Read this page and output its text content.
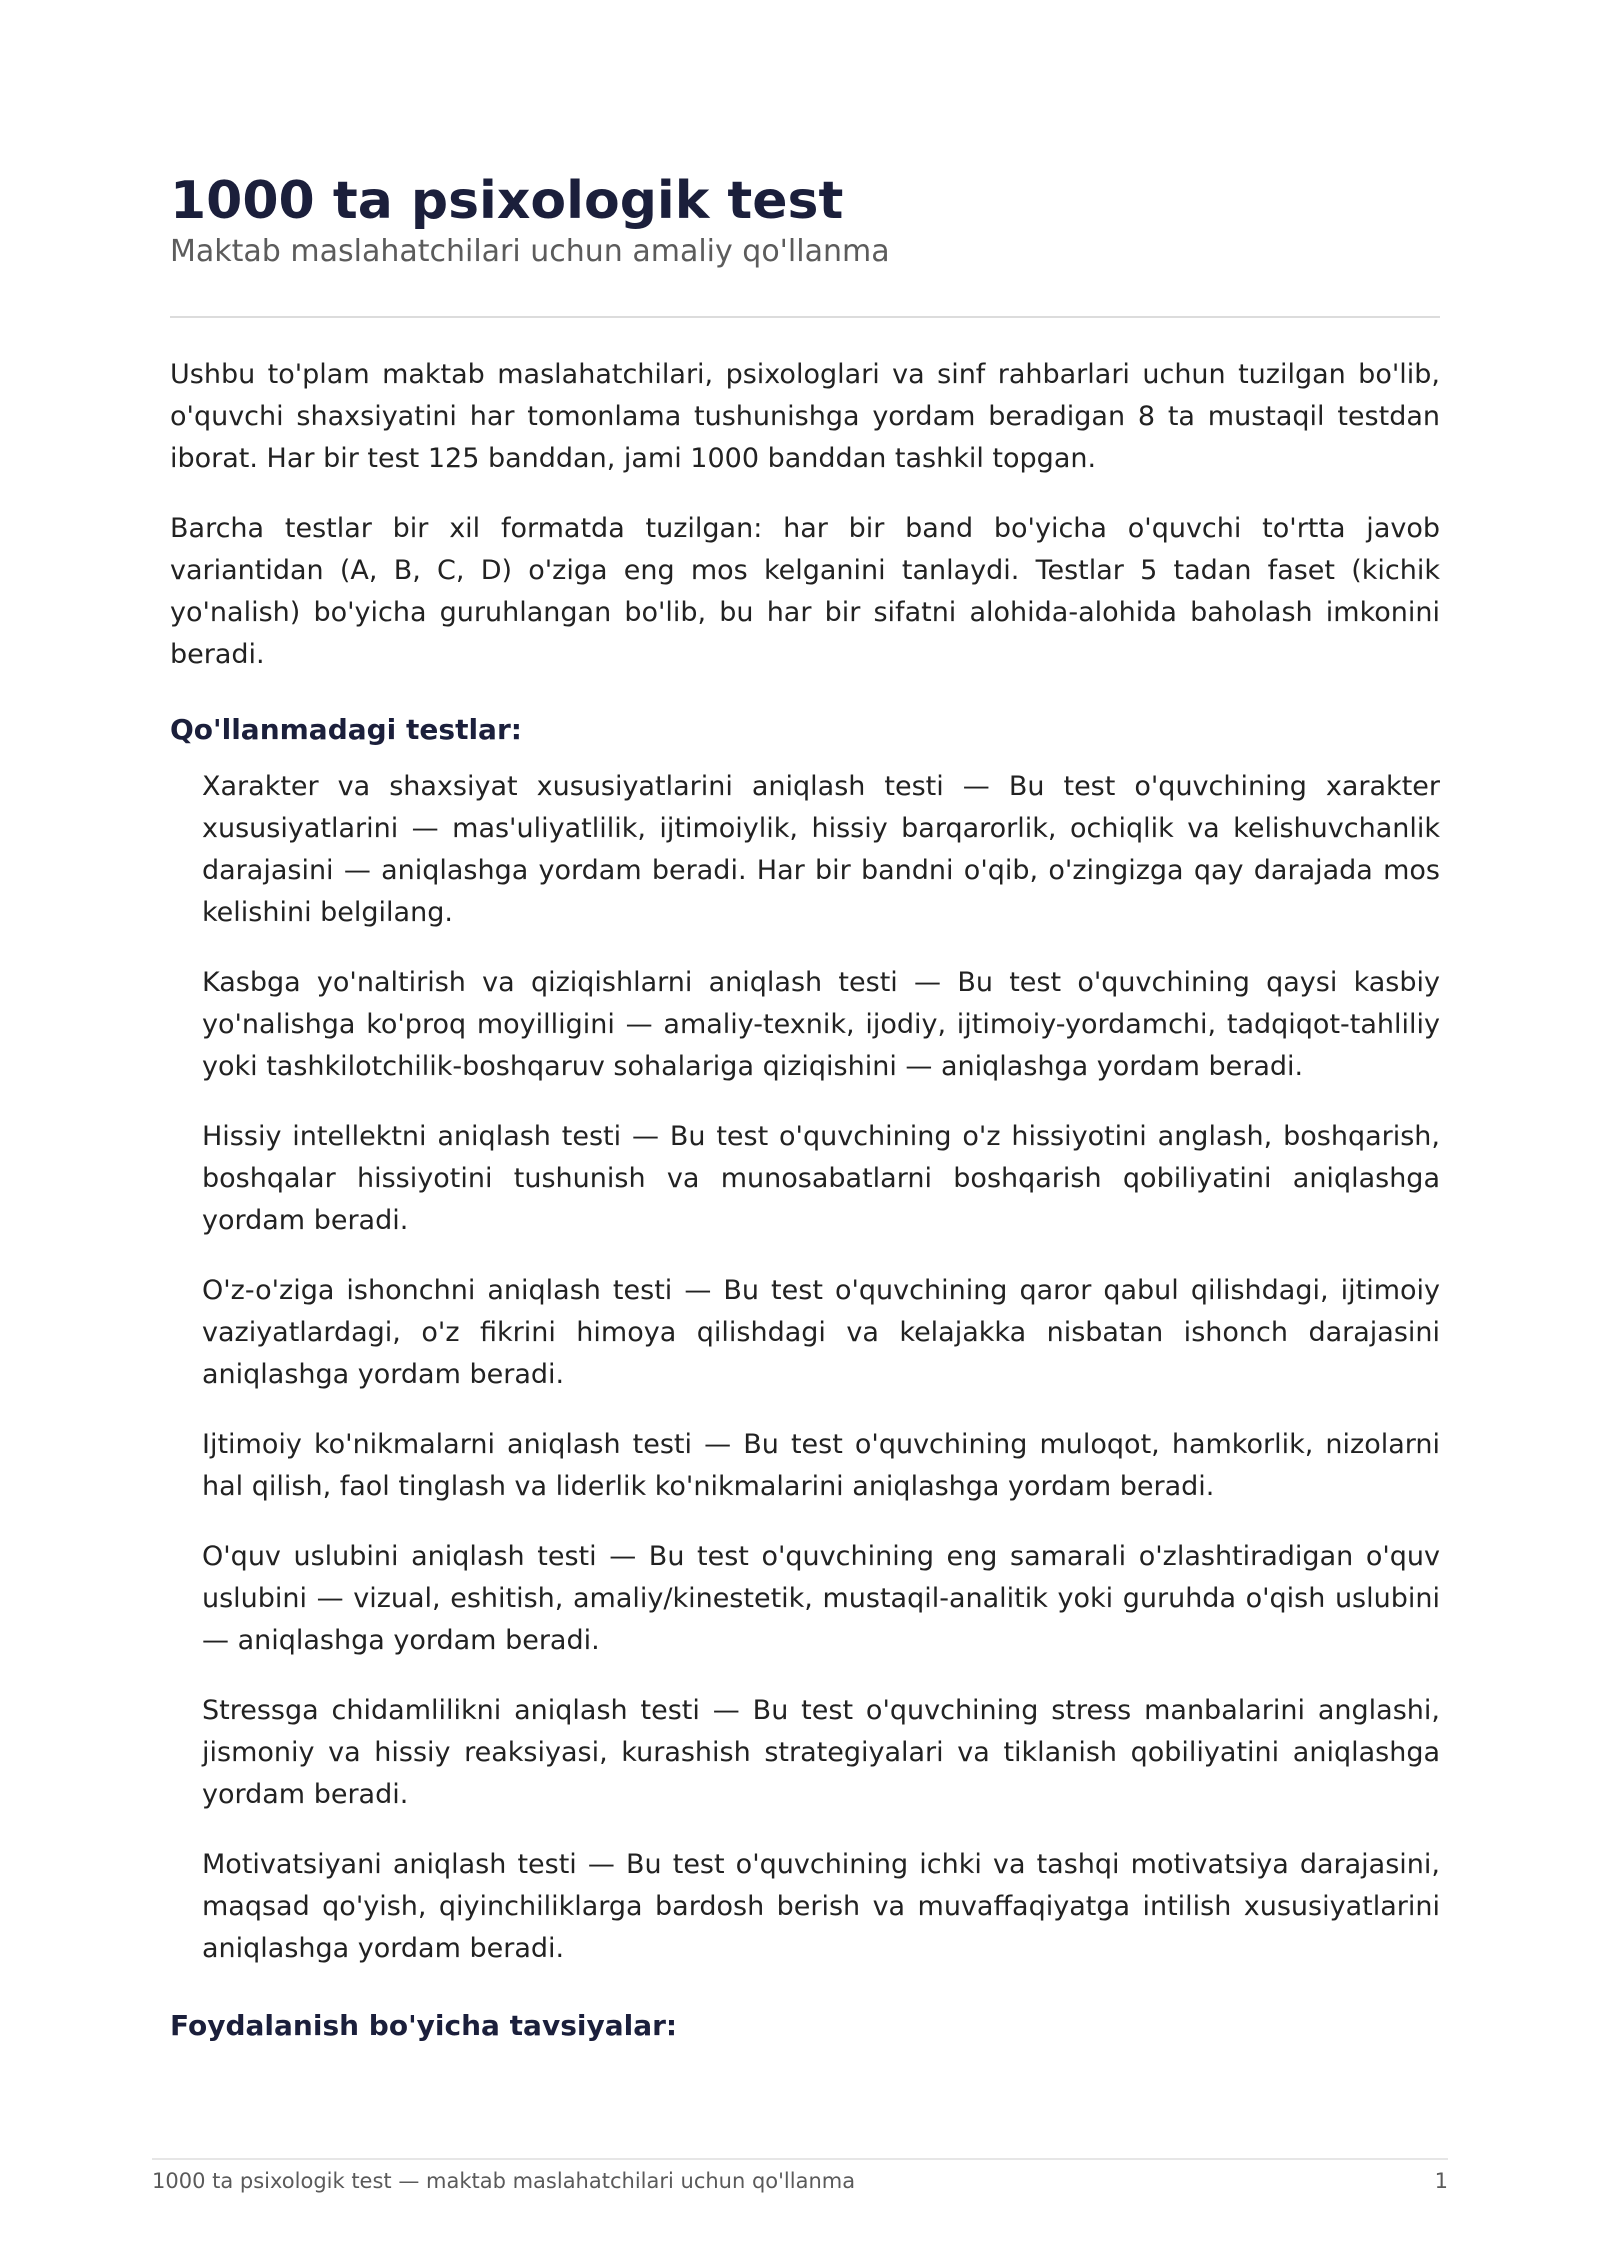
1000 ta psixologik test
Maktab maslahatchilari uchun amaliy qo'llanma

Ushbu to'plam maktab maslahatchilari, psixologlari va sinf rahbarlari uchun tuzilgan bo'lib, o'quvchi shaxsiyatini har tomonlama tushunishga yordam beradigan 8 ta mustaqil testdan iborat. Har bir test 125 banddan, jami 1000 banddan tashkil topgan.

Barcha testlar bir xil formatda tuzilgan: har bir band bo'yicha o'quvchi to'rtta javob variantidan (A, B, C, D) o'ziga eng mos kelganini tanlaydi. Testlar 5 tadan faset (kichik yo'nalish) bo'yicha guruhlangan bo'lib, bu har bir sifatni alohida-alohida baholash imkonini beradi.

Qo'llanmadagi testlar:
Xarakter va shaxsiyat xususiyatlarini aniqlash testi — Bu test o'quvchining xarakter xususiyatlarini — mas'uliyatlilik, ijtimoiylik, hissiy barqarorlik, ochiqlik va kelishuvchanlik darajasini — aniqlashga yordam beradi. Har bir bandni o'qib, o'zingizga qay darajada mos kelishini belgilang.
Kasbga yo'naltirish va qiziqishlarni aniqlash testi — Bu test o'quvchining qaysi kasbiy yo'nalishga ko'proq moyilligini — amaliy-texnik, ijodiy, ijtimoiy-yordamchi, tadqiqot-tahliliy yoki tashkilotchilik-boshqaruv sohalariga qiziqishini — aniqlashga yordam beradi.
Hissiy intellektni aniqlash testi — Bu test o'quvchining o'z hissiyotini anglash, boshqarish, boshqalar hissiyotini tushunish va munosabatlarni boshqarish qobiliyatini aniqlashga yordam beradi.
O'z-o'ziga ishonchni aniqlash testi — Bu test o'quvchining qaror qabul qilishdagi, ijtimoiy vaziyatlardagi, o'z fikrini himoya qilishdagi va kelajakka nisbatan ishonch darajasini aniqlashga yordam beradi.
Ijtimoiy ko'nikmalarni aniqlash testi — Bu test o'quvchining muloqot, hamkorlik, nizolarni hal qilish, faol tinglash va liderlik ko'nikmalarini aniqlashga yordam beradi.
O'quv uslubini aniqlash testi — Bu test o'quvchining eng samarali o'zlashtiradigan o'quv uslubini — vizual, eshitish, amaliy/kinestetik, mustaqil-analitik yoki guruhda o'qish uslubini — aniqlashga yordam beradi.
Stressga chidamlilikni aniqlash testi — Bu test o'quvchining stress manbalarini anglashi, jismoniy va hissiy reaksiyasi, kurashish strategiyalari va tiklanish qobiliyatini aniqlashga yordam beradi.
Motivatsiyani aniqlash testi — Bu test o'quvchining ichki va tashqi motivatsiya darajasini, maqsad qo'yish, qiyinchiliklarga bardosh berish va muvaffaqiyatga intilish xususiyatlarini aniqlashga yordam beradi.
Foydalanish bo'yicha tavsiyalar:
1000 ta psixologik test — maktab maslahatchilari uchun qo'llanma	1
